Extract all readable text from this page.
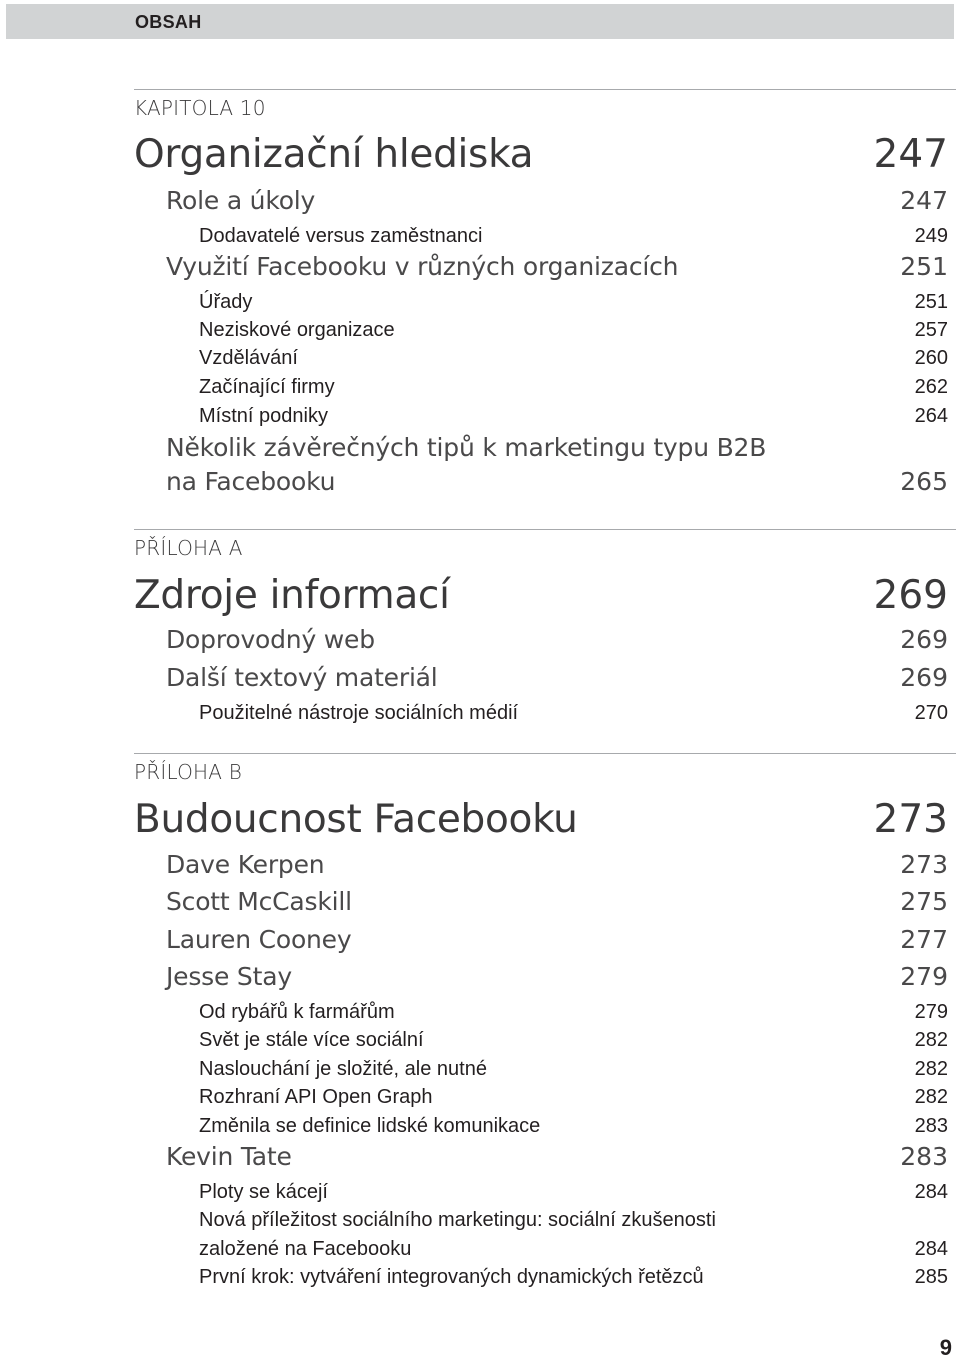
OBSAH
KAPITOLA 10
Organizační hlediska	247
Role a úkoly	247
Dodavatelé versus zaměstnanci	249
Využití Facebooku v různých organizacích	251
Úřady	251
Neziskové organizace	257
Vzdělávání	260
Začínající firmy	262
Místní podniky	264
Několik závěrečných tipů k marketingu typu B2B
na Facebooku	265
PŘÍLOHA A
Zdroje informací	269
Doprovodný web	269
Další textový materiál	269
Použitelné nástroje sociálních médií	270
PŘÍLOHA B
Budoucnost Facebooku	273
Dave Kerpen	273
Scott McCaskill	275
Lauren Cooney	277
Jesse Stay	279
Od rybářů k farmářům	279
Svět je stále více sociální	282
Naslouchání je složité, ale nutné	282
Rozhraní API Open Graph	282
Změnila se definice lidské komunikace	283
Kevin Tate	283
Ploty se kácejí	284
Nová příležitost sociálního marketingu: sociální zkušenosti
založené na Facebooku	284
První krok: vytváření integrovaných dynamických řetězců	285
9
